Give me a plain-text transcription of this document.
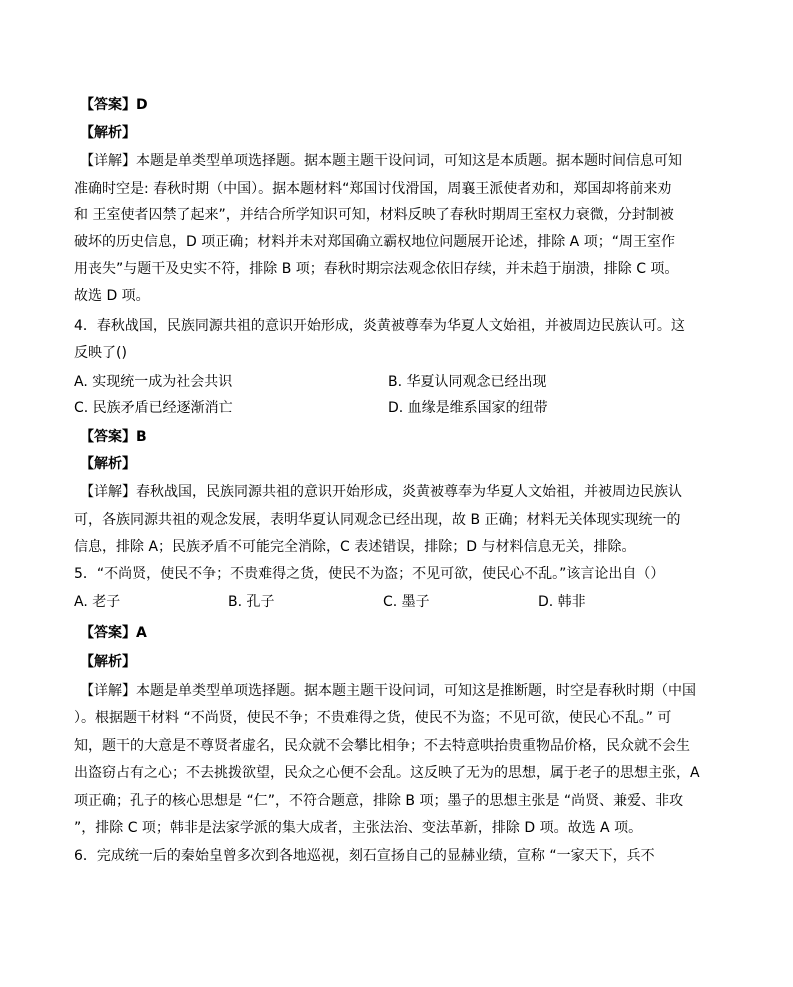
【答案】D
【解析】
【详解】本题是单类型单项选择题。据本题主题干设问词，可知这是本质题。据本题时间信息可知
准确时空是: 春秋时期（中国）。据本题材料“郑国讨伐滑国，周襄王派使者劝和，郑国却将前来劝
和 王室使者囚禁了起来”，并结合所学知识可知，材料反映了春秋时期周王室权力衰微，分封制被
破坏的历史信息，D 项正确；材料并未对郑国确立霸权地位问题展开论述，排除 A 项；“周王室作
用丧失”与题干及史实不符，排除 B 项；春秋时期宗法观念依旧存续，并未趋于崩溃，排除 C 项。
故选 D 项。
4．春秋战国，民族同源共祖的意识开始形成，炎黄被尊奉为华夏人文始祖，并被周边民族认可。这
反映了()
A. 实现统一成为社会共识	B. 华夏认同观念已经出现
C. 民族矛盾已经逐渐消亡	D. 血缘是维系国家的纽带
【答案】B
【解析】
【详解】春秋战国，民族同源共祖的意识开始形成，炎黄被尊奉为华夏人文始祖，并被周边民族认
可，各族同源共祖的观念发展，表明华夏认同观念已经出现，故 B 正确；材料无关体现实现统一的
信息，排除 A；民族矛盾不可能完全消除，C 表述错误，排除；D 与材料信息无关，排除。
5．“不尚贤，使民不争；不贵难得之货，使民不为盗；不见可欲，使民心不乱。”该言论出自（）
A. 老子	B. 孔子	C. 墨子	D. 韩非
【答案】A
【解析】
【详解】本题是单类型单项选择题。据本题主题干设问词，可知这是推断题，时空是春秋时期（中国
）。根据题干材料 “不尚贤，使民不争；不贵难得之货，使民不为盗；不见可欲，使民心不乱。” 可
知，题干的大意是不尊贤者虚名，民众就不会攀比相争；不去特意哄抬贵重物品价格，民众就不会生
出盗窃占有之心；不去挑拨欲望，民众之心便不会乱。这反映了无为的思想，属于老子的思想主张，A
项正确；孔子的核心思想是 “仁”，不符合题意，排除 B 项；墨子的思想主张是 “尚贤、兼爱、非攻
”，排除 C 项；韩非是法家学派的集大成者，主张法治、变法革新，排除 D 项。故选 A 项。
6．完成统一后的秦始皇曾多次到各地巡视，刻石宣扬自己的显赫业绩，宣称 “一家天下，兵不
